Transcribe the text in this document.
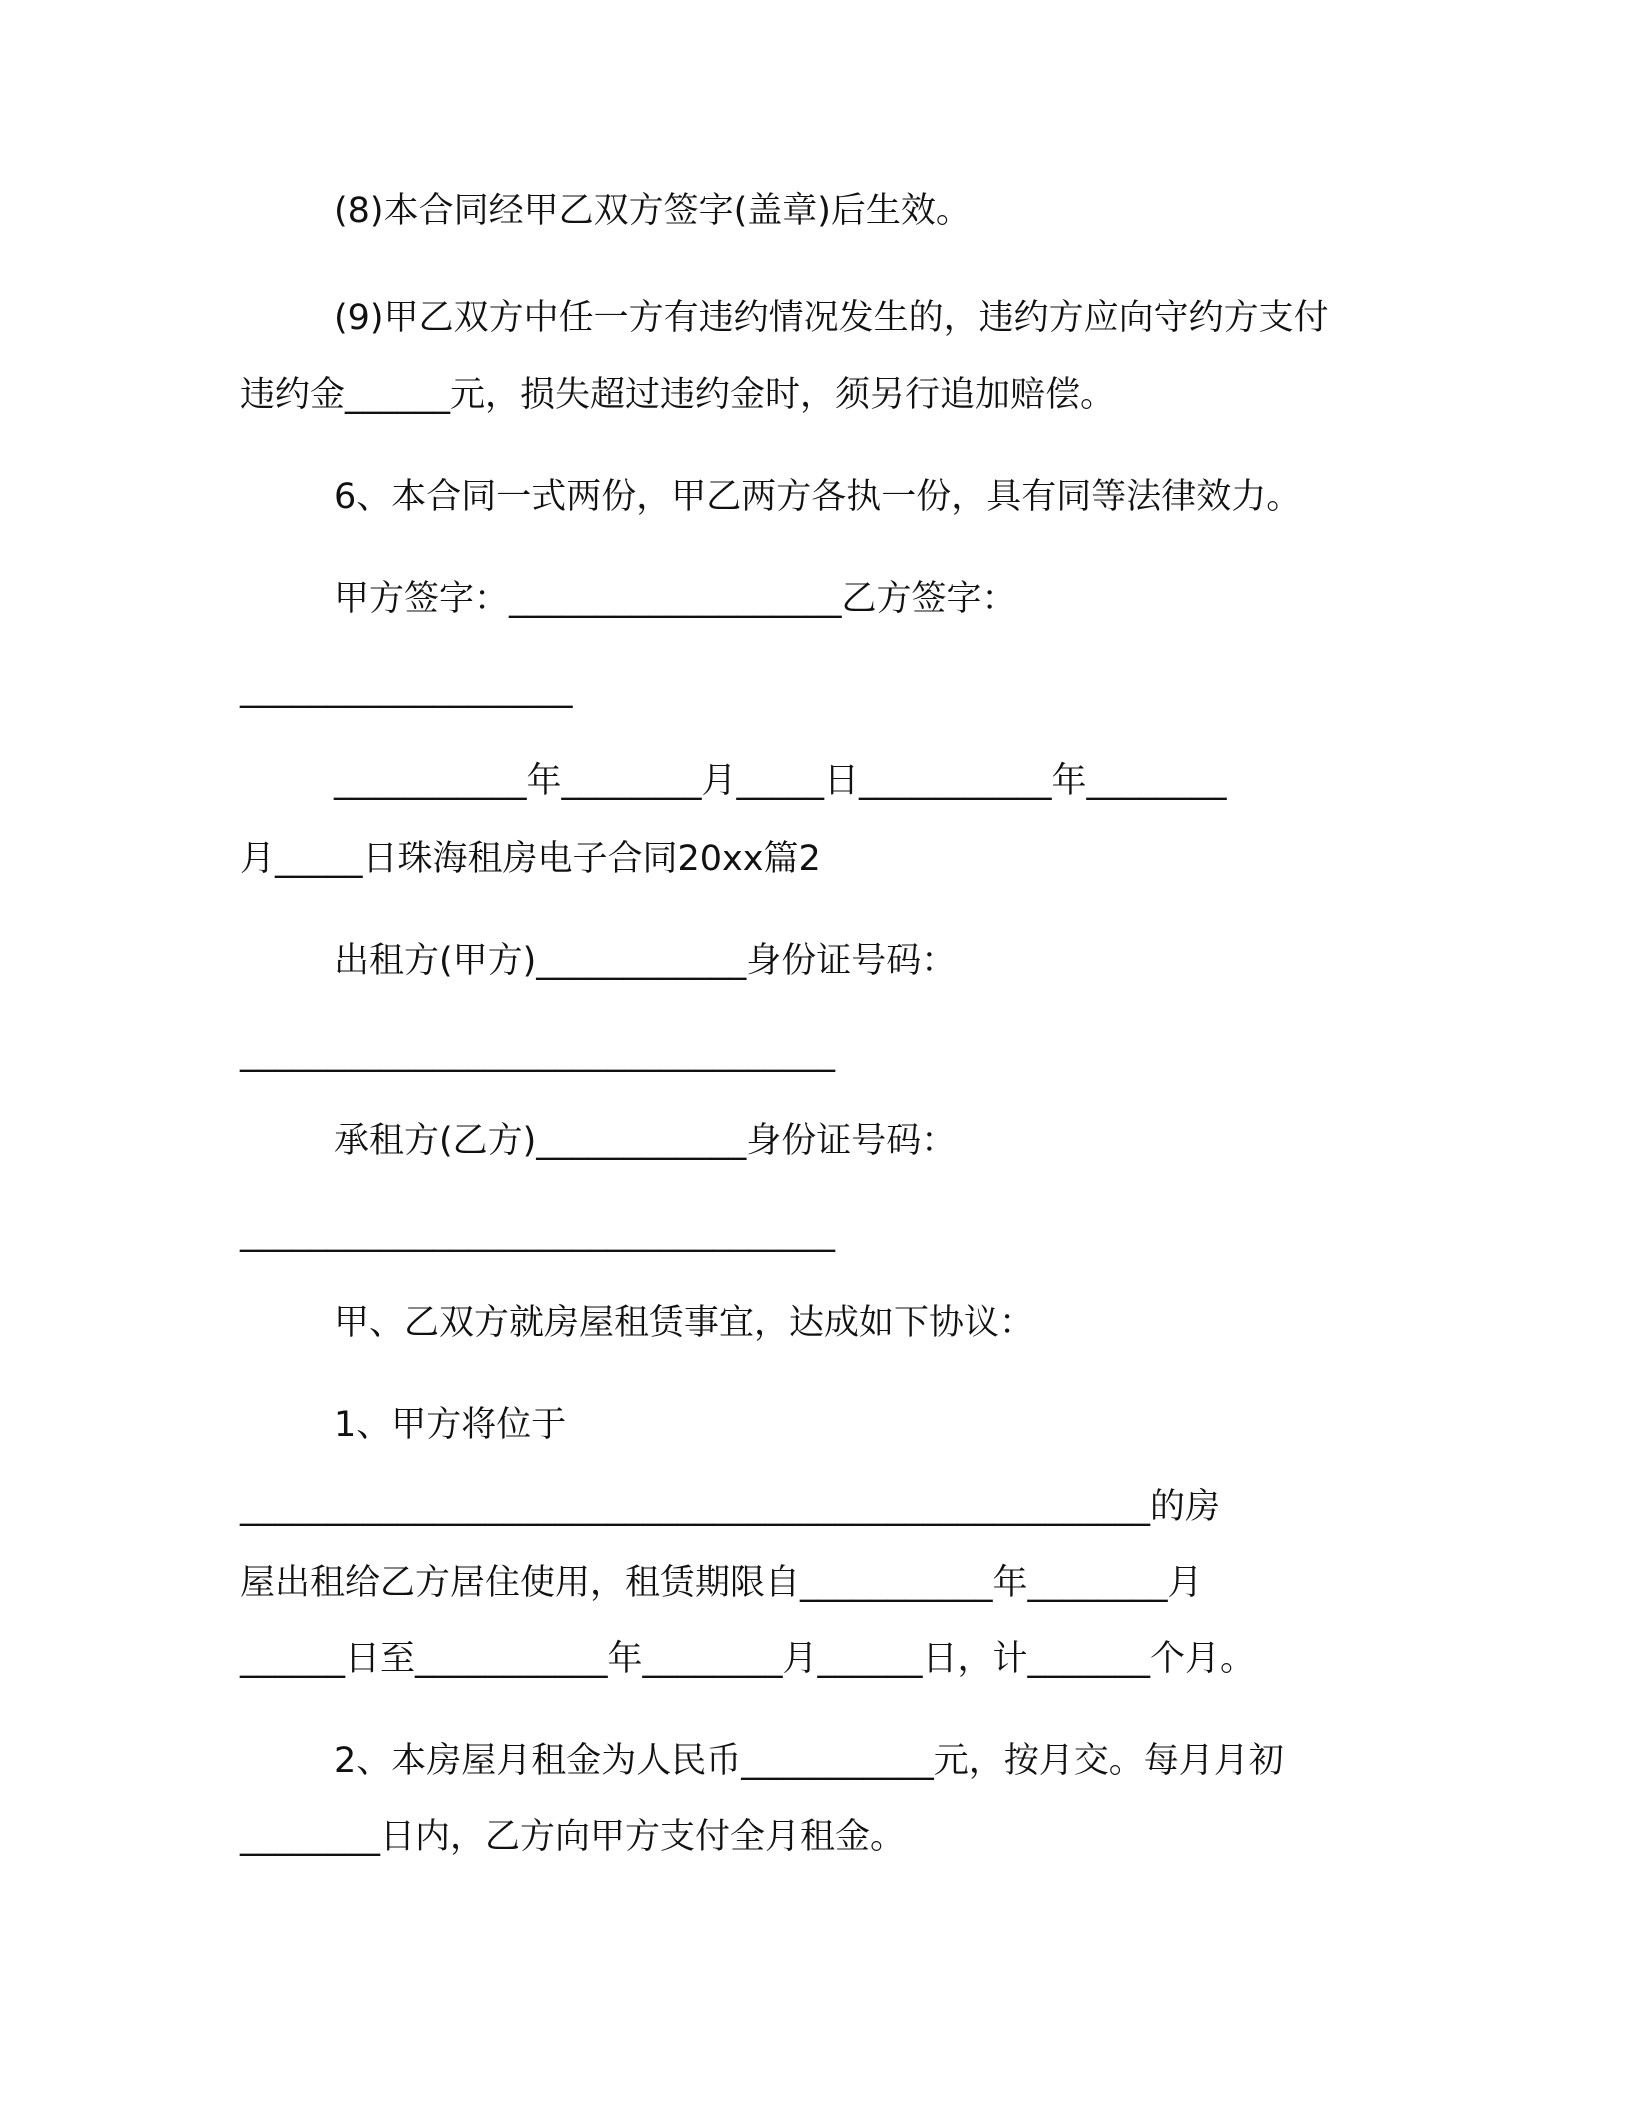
(8)本合同经甲乙双方签字(盖章)后生效。
(9)甲乙双方中任一方有违约情况发生的，违约方应向守约方支付
违约金______元，损失超过违约金时，须另行追加赔偿。
6、本合同一式两份，甲乙两方各执一份，具有同等法律效力。
甲方签字：___________________乙方签字：
___________________
___________年________月_____日___________年________
月_____日珠海租房电子合同20xx篇2
出租方(甲方)____________身份证号码：
__________________________________
承租方(乙方)____________身份证号码：
__________________________________
甲、乙双方就房屋租赁事宜，达成如下协议：
1、甲方将位于
____________________________________________________的房
屋出租给乙方居住使用，租赁期限自___________年________月
______日至___________年________月______日，计_______个月。
2、本房屋月租金为人民币___________元，按月交。每月月初
________日内，乙方向甲方支付全月租金。
